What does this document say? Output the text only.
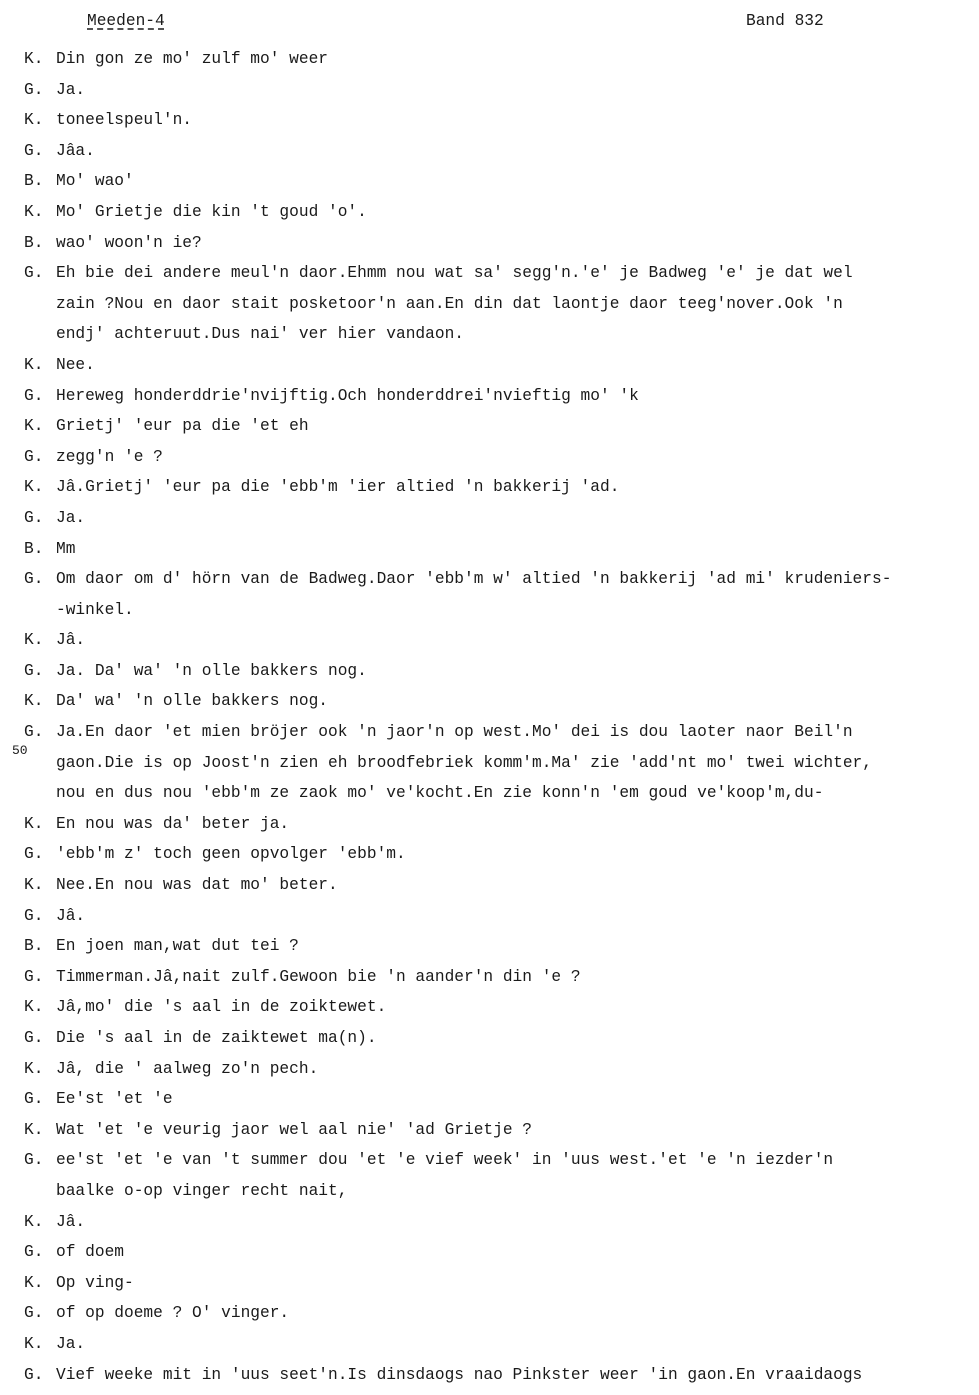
Meeden-4	Band 832
K. Din gon ze mo' zulf mo' weer
G. Ja.
K. toneelspeul'n.
G. Jâa.
B. Mo' wao'
K. Mo' Grietje die kin 't goud 'o'.
B. wao' woon'n ie?
G. Eh bie dei andere meul'n daor.Ehmm nou wat sa' segg'n.'e' je Badweg 'e' je dat wel
zain ?Nou en daor stait posketoor'n aan.En din dat laontje daor teeg'nover.Ook 'n
endj' achteruut.Dus nai' ver hier vandaon.
K. Nee.
G. Hereweg honderddrie'nvijftig.Och honderddrei'nvieftig mo' 'k
K. Grietj' 'eur pa die 'et eh
G. zegg'n 'e ?
K. Jâ.Grietj' 'eur pa die 'ebb'm 'ier altied 'n bakkerij 'ad.
G. Ja.
B. Mm
G. Om daor om d' hörn van de Badweg.Daor 'ebb'm w' altied 'n bakkerij 'ad mi' krudeniers-
-winkel.
K. Jâ.
G. Ja. Da' wa' 'n olle bakkers nog.
K. Da' wa' 'n olle bakkers nog.
G. Ja.En daor 'et mien bröjer ook 'n jaor'n op west.Mo' dei is dou laoter naor Beil'n
gaon.Die is op Joost'n zien eh broodfebriek komm'm.Ma' zie 'add'nt mo' twei wichter,
50
nou en dus nou 'ebb'm ze zaok mo' ve'kocht.En zie konn'n 'em goud ve'koop'm,du-
K. En nou was da' beter ja.
G. 'ebb'm z' toch geen opvolger 'ebb'm.
K. Nee.En nou was dat mo' beter.
G. Jâ.
B. En joen man,wat dut tei ?
G. Timmerman.Jâ,nait zulf.Gewoon bie 'n aander'n din 'e ?
K. Jâ,mo' die 's aal in de zoiktewet.
G. Die 's aal in de zaiktewet ma(n).
K. Jâ, die ' aalweg zo'n pech.
G. Ee'st 'et 'e
K. Wat 'et 'e veurig jaor wel aal nie' 'ad Grietje ?
G. ee'st 'et 'e van 't summer dou 'et 'e vief week' in 'uus west.'et 'e 'n iezder'n
baalke o-op vinger recht nait,
K. Jâ.
G. of doem
K. Op ving-
G. of op doeme ? O' vinger.
K. Ja.
G. Vief weeke mit in 'uus seet'n.Is dinsdaogs nao Pinkster weer 'in gaon.En vraaidaogs
